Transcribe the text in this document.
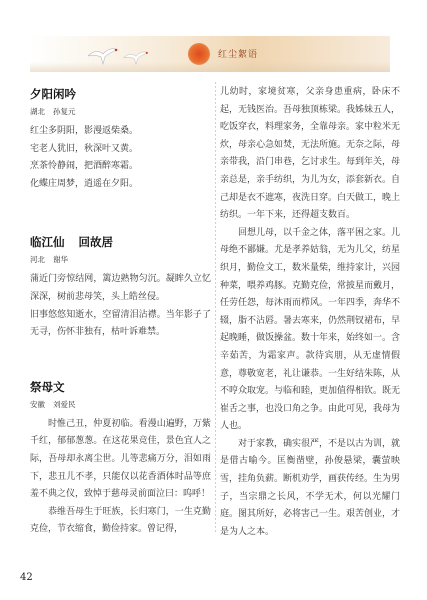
红尘絮语
夕阳闲吟
湖北 孙复元
红尘多阴阳，影漫返柴桑。
宅老人犹旧，秋深叶又黄。
烹茶怜静闹，把酒醉寒霜。
化蝶庄周梦，逍遥在夕阳。
临江仙 回故居
河北 谢华

蒲近门旁惊结网，篱边熟物匀沉。凝眸久立忆深深，树前悲母笑，头上皓丝侵。

旧事悠悠知逝水，空留清泪沾襟。当年影子了无寻，伤怀非独有，枯叶诉难禁。

祭母文
安徽 刘爱民

时惟己丑，仲夏初临。看漫山遍野，万紫千红，郁郁葱葱。在这花果竞佳，景色宜人之际，吾母却永离尘世。儿等悲痛万分，泪如雨下，悲丑儿不孝，只能仅以花香酒体时品等庶羞不典之仪，致悼于慈母灵前面泣曰：呜呼！

恭维吾母生于旺族，长归寒门，一生克勤克俭，节衣缩食，勤俭持家。曾记得，

儿幼时，家境贫寒，父亲身患重病，卧床不起，无钱医治。吾母独顶栋梁。我姊妹五人，吃饭穿衣，料理家务，全靠母亲。家中粒米无炊，母亲心急如焚，无法所施。无奈之际，母亲带我，沿门串巷，乞讨求生。每到年关，母亲总是，亲手纺织，为儿为女，添套新衣。自己却是衣不遮寒，夜洗日穿。白天做工，晚上纺织。一年下来，还得超支数百。

回想儿母，以千金之体，落平困之家。儿母绝不鄙嫌。尤是孝养姑翁，无为儿父，纺星织月，勤俭文工，数米量柴，维持家计，兴园种菜，喂养鸡豚。克勤克俭，常披星而戴月，任劳任怨，每沐雨而栉风。一年四季，奔华不辍，脂不沾唇。暑去寒来，仍然荆钗裙布，早起晚睡，做饭操盆。数十年来，始终如一。含辛茹苦，为霜家声。款待宾朋，从无虚情假意，尊敬宽老，礼让谦恭。一生好结朱陈，从不哼众取宠。与临和睦，更加值得相钦。既无崔舌之事，也没口角之争。由此可见，我母为人也。

对于家教，确实很严，不是以古为训，就是借古喻今。匡衡凿壁，孙俊悬梁，囊萤映雪，挂角负薪。断机劝学，画获传经。生为男子，当宗鼎之长风，不学无术，何以光耀门庭。图其所好，必将害己一生。艰苦创业，才是为人之本。

42
